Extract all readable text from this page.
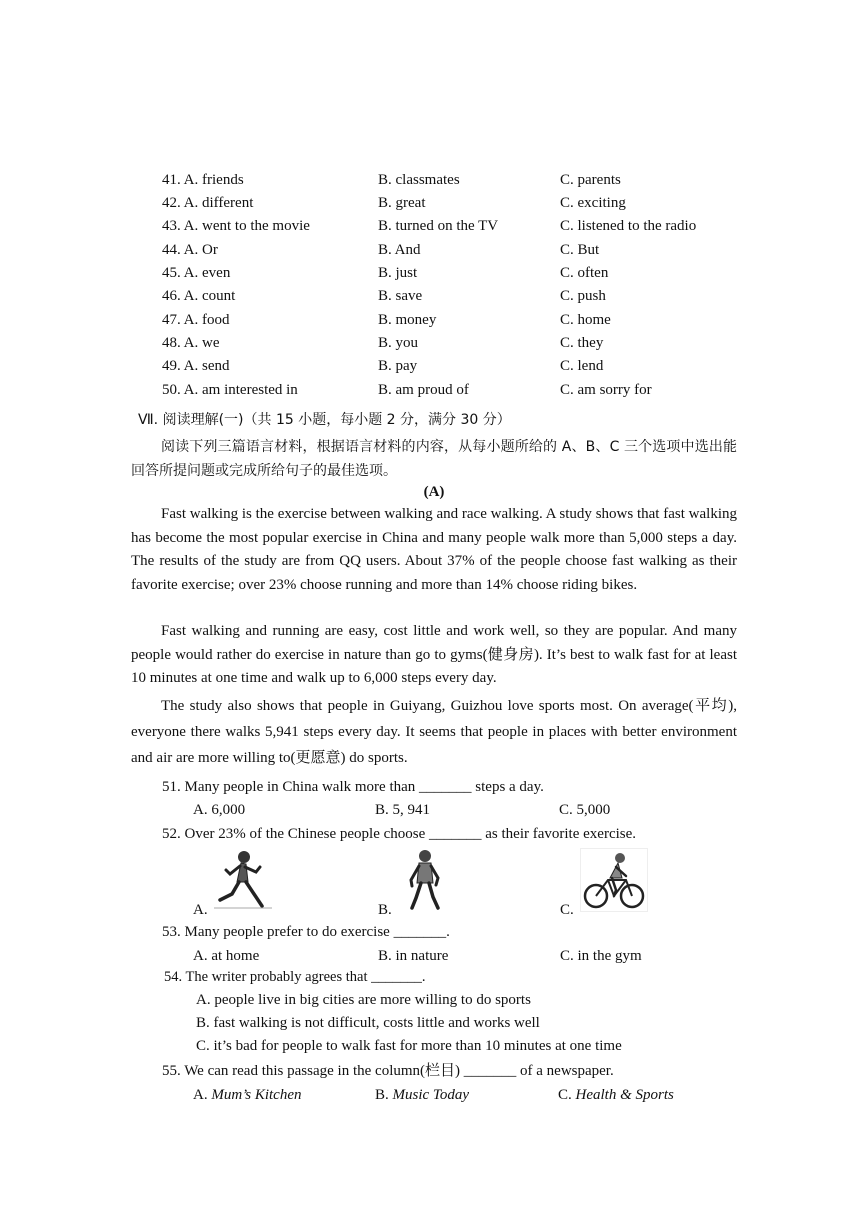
41. A. friends	B. classmates	C. parents
42. A. different	B. great	C. exciting
43. A. went to the movie	B. turned on the TV	C. listened to the radio
44. A. Or	B. And	C. But
45. A. even	B. just	C. often
46. A. count	B. save	C. push
47. A. food	B. money	C. home
48. A. we	B. you	C. they
49. A. send	B. pay	C. lend
50. A. am interested in	B. am proud of	C. am sorry for
Ⅶ. 阅读理解(一)（共 15 小题，每小题 2 分，满分 30 分）
阅读下列三篇语言材料，根据语言材料的内容，从每小题所给的 A、B、C 三个选项中选出能回答所提问题或完成所给句子的最佳选项。
(A)
Fast walking is the exercise between walking and race walking. A study shows that fast walking has become the most popular exercise in China and many people walk more than 5,000 steps a day. The results of the study are from QQ users. About 37% of the people choose fast walking as their favorite exercise; over 23% choose running and more than 14% choose riding bikes.
Fast walking and running are easy, cost little and work well, so they are popular. And many people would rather do exercise in nature than go to gyms(健身房). It’s best to walk fast for at least 10 minutes at one time and walk up to 6,000 steps every day.
The study also shows that people in Guiyang, Guizhou love sports most. On average(平均), everyone there walks 5,941 steps every day. It seems that people in places with better environment and air are more willing to(更愿意) do sports.
51. Many people in China walk more than _______ steps a day.
A. 6,000	B. 5, 941	C. 5,000
52. Over 23% of the Chinese people choose _______ as their favorite exercise.
A.	B.	C.
53. Many people prefer to do exercise _______.
A. at home	B. in nature	C. in the gym
54. The writer probably agrees that _______.
A. people live in big cities are more willing to do sports
B. fast walking is not difficult, costs little and works well
C. it’s bad for people to walk fast for more than 10 minutes at one time
55. We can read this passage in the column(栏目) _______ of a newspaper.
A. Mum’s Kitchen	B. Music Today	C. Health & Sports
